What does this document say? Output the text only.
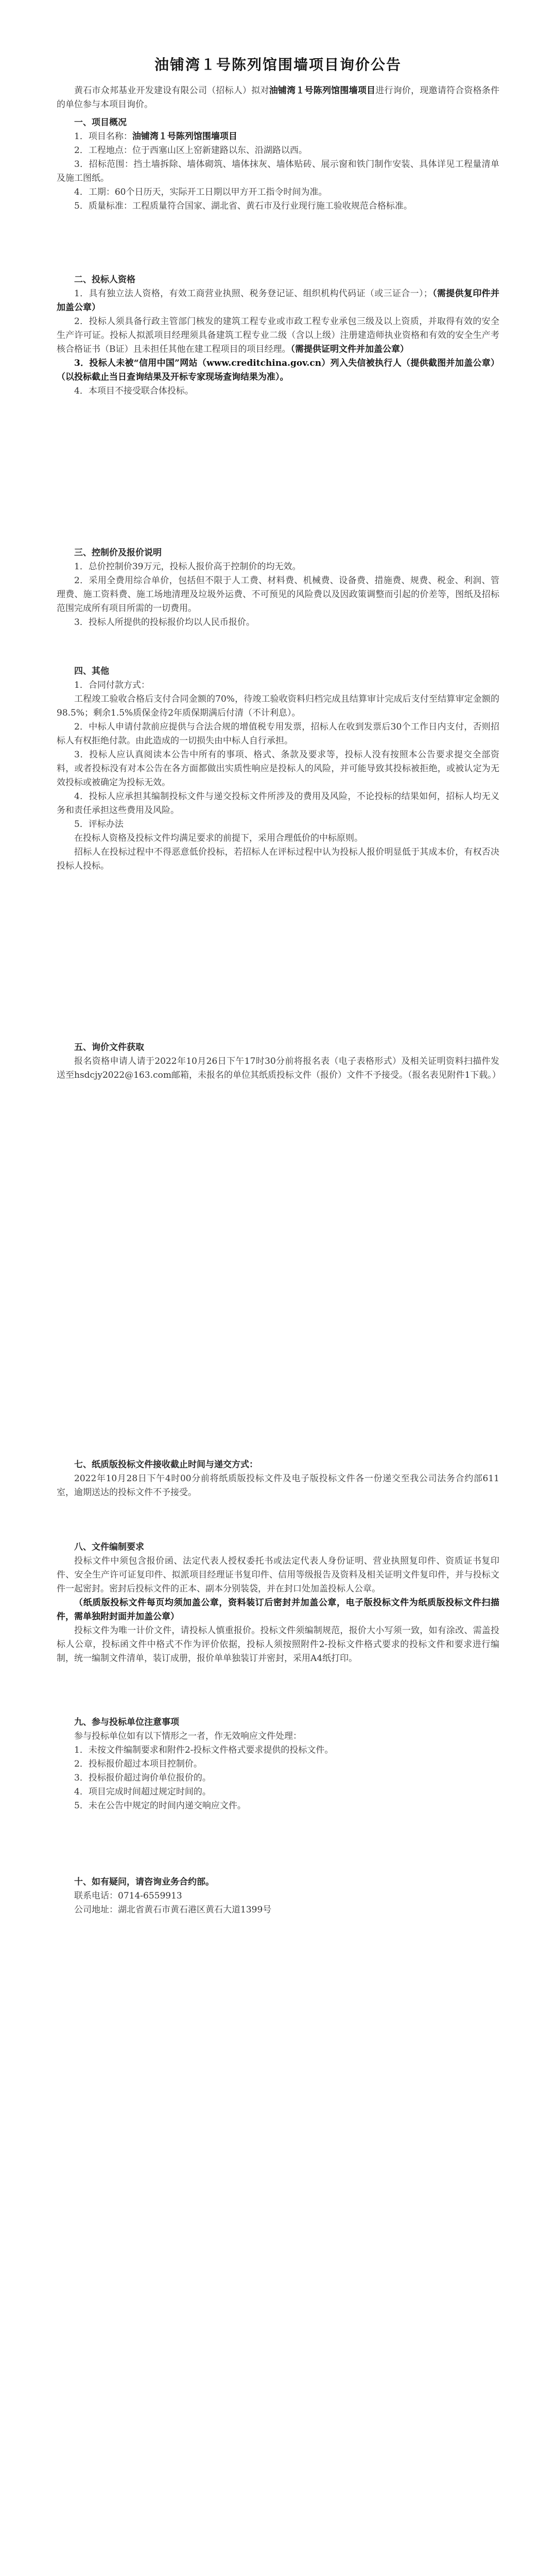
油铺湾１号陈列馆围墙项目询价公告

黄石市众邦基业开发建设有限公司（招标人）拟对油铺湾１号陈列馆围墙项目进行询价，现邀请符合资格条件的单位参与本项目询价。

一、项目概况

1．项目名称：油铺湾１号陈列馆围墙项目

2．工程地点：位于西塞山区上窑新建路以东、沿湖路以西。

3．招标范围：挡土墙拆除、墙体砌筑、墙体抹灰、墙体贴砖、展示窗和铁门制作安装、具体详见工程量清单及施工图纸。

4．工期：60个日历天，实际开工日期以甲方开工指令时间为准。

5．质量标准：工程质量符合国家、湖北省、黄石市及行业现行施工验收规范合格标准。

二、投标人资格

1．具有独立法人资格，有效工商营业执照、税务登记证、组织机构代码证（或三证合一）；（需提供复印件并加盖公章）

2．投标人须具备行政主管部门核发的建筑工程专业或市政工程专业承包三级及以上资质，并取得有效的安全生产许可证。投标人拟派项目经理须具备建筑工程专业二级（含以上级）注册建造师执业资格和有效的安全生产考核合格证书（B证）且未担任其他在建工程项目的项目经理。（需提供证明文件并加盖公章）

3．投标人未被“信用中国”网站（www.creditchina.gov.cn）列入失信被执行人（提供截图并加盖公章）（以投标截止当日查询结果及开标专家现场查询结果为准）。

4．本项目不接受联合体投标。

三、控制价及报价说明

1．总价控制价39万元，投标人报价高于控制价的均无效。

2．采用全费用综合单价，包括但不限于人工费、材料费、机械费、设备费、措施费、规费、税金、利润、管理费、施工资料费、施工场地清理及垃圾外运费、不可预见的风险费以及因政策调整而引起的价差等，图纸及招标范围完成所有项目所需的一切费用。

3．投标人所提供的投标报价均以人民币报价。

四、其他

1．合同付款方式：

工程竣工验收合格后支付合同金额的70%，待竣工验收资料归档完成且结算审计完成后支付至结算审定金额的98.5%；剩余1.5%质保金待2年质保期满后付清（不计利息）。

2．中标人申请付款前应提供与合法合规的增值税专用发票，招标人在收到发票后30个工作日内支付，否则招标人有权拒绝付款。由此造成的一切损失由中标人自行承担。

3．投标人应认真阅读本公告中所有的事项、格式、条款及要求等，投标人没有按照本公告要求提交全部资料，或者投标没有对本公告在各方面都做出实质性响应是投标人的风险，并可能导致其投标被拒绝，或被认定为无效投标或被确定为投标无效。

4．投标人应承担其编制投标文件与递交投标文件所涉及的费用及风险，不论投标的结果如何，招标人均无义务和责任承担这些费用及风险。

5．评标办法

在投标人资格及投标文件均满足要求的前提下，采用合理低价的中标原则。

招标人在投标过程中不得恶意低价投标，若招标人在评标过程中认为投标人报价明显低于其成本价，有权否决投标人投标。

五、询价文件获取

报名资格申请人请于2022年10月26日下午17时30分前将报名表（电子表格形式）及相关证明资料扫描件发送至hsdcjy2022@163.com邮箱，未报名的单位其纸质投标文件（报价）文件不予接受。（报名表见附件1下载。）

七、纸质版投标文件接收截止时间与递交方式：

2022年10月28日下午4时00分前将纸质版投标文件及电子版投标文件各一份递交至我公司法务合约部611室，逾期送达的投标文件不予接受。

八、文件编制要求

投标文件中须包含报价函、法定代表人授权委托书或法定代表人身份证明、营业执照复印件、资质证书复印件、安全生产许可证复印件、拟派项目经理证书复印件、信用等级报告及资料及相关证明文件复印件，并与投标文件一起密封。密封后投标文件的正本、副本分别装袋，并在封口处加盖投标人公章。

（纸质版投标文件每页均须加盖公章，资料装订后密封并加盖公章，电子版投标文件为纸质版投标文件扫描件，需单独附封面并加盖公章）

投标文件为唯一计价文件，请投标人慎重报价。投标文件须编制规范，报价大小写须一致，如有涂改、需盖投标人公章，投标函文件中格式不作为评价依据，投标人须按照附件2-投标文件格式要求的投标文件和要求进行编制，统一编制文件清单，装订成册，报价单单独装订并密封，采用A4纸打印。

九、参与投标单位注意事项

参与投标单位如有以下情形之一者，作无效响应文件处理：

1．未按文件编制要求和附件2-投标文件格式要求提供的投标文件。

2．投标报价超过本项目控制价。

3．投标报价超过询价单位报价的。

4．项目完成时间超过规定时间的。

5．未在公告中规定的时间内递交响应文件。

十、如有疑问，请咨询业务合约部。

联系电话：0714-6559913

公司地址：湖北省黄石市黄石港区黄石大道1399号
